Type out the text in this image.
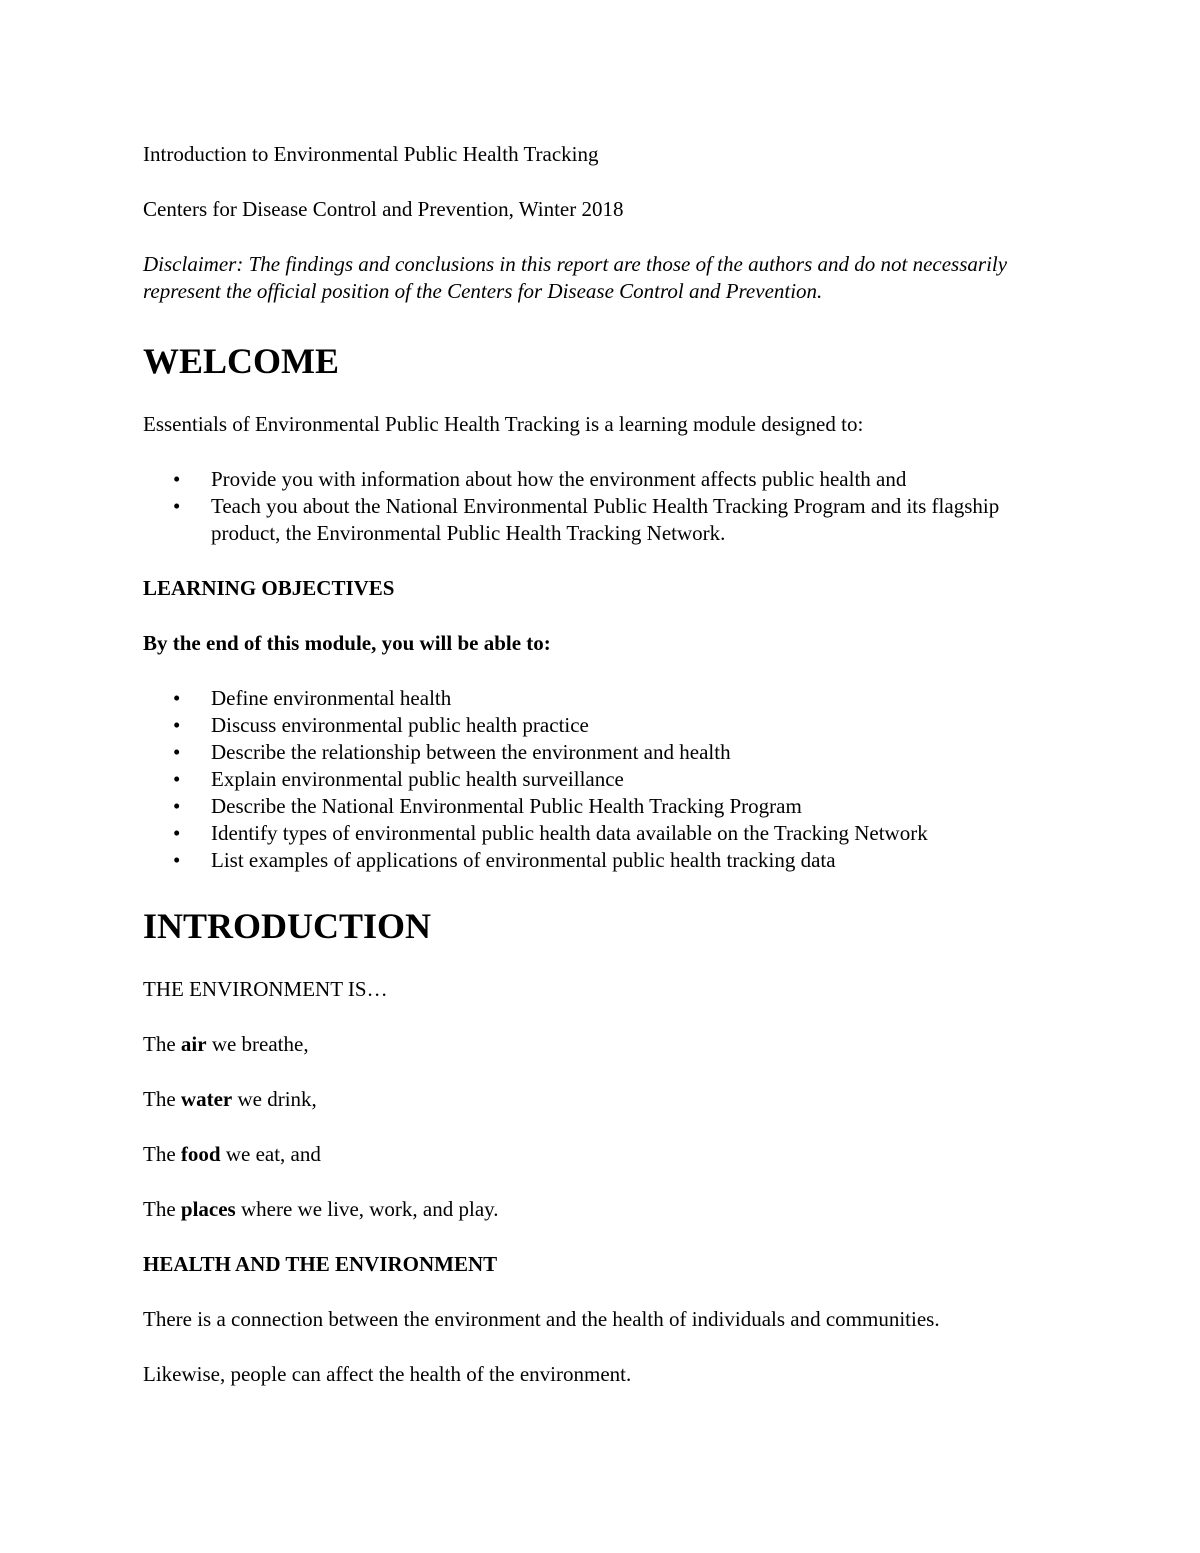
Introduction to Environmental Public Health Tracking

Centers for Disease Control and Prevention, Winter 2018

Disclaimer: The findings and conclusions in this report are those of the authors and do not necessarily represent the official position of the Centers for Disease Control and Prevention.

WELCOME

Essentials of Environmental Public Health Tracking is a learning module designed to:

• Provide you with information about how the environment affects public health and
• Teach you about the National Environmental Public Health Tracking Program and its flagship product, the Environmental Public Health Tracking Network.
LEARNING OBJECTIVES

By the end of this module, you will be able to:

• Define environmental health
• Discuss environmental public health practice
• Describe the relationship between the environment and health
• Explain environmental public health surveillance
• Describe the National Environmental Public Health Tracking Program
• Identify types of environmental public health data available on the Tracking Network
• List examples of applications of environmental public health tracking data
INTRODUCTION

THE ENVIRONMENT IS…

The air we breathe,

The water we drink,

The food we eat, and

The places where we live, work, and play.

HEALTH AND THE ENVIRONMENT

There is a connection between the environment and the health of individuals and communities.

Likewise, people can affect the health of the environment.
